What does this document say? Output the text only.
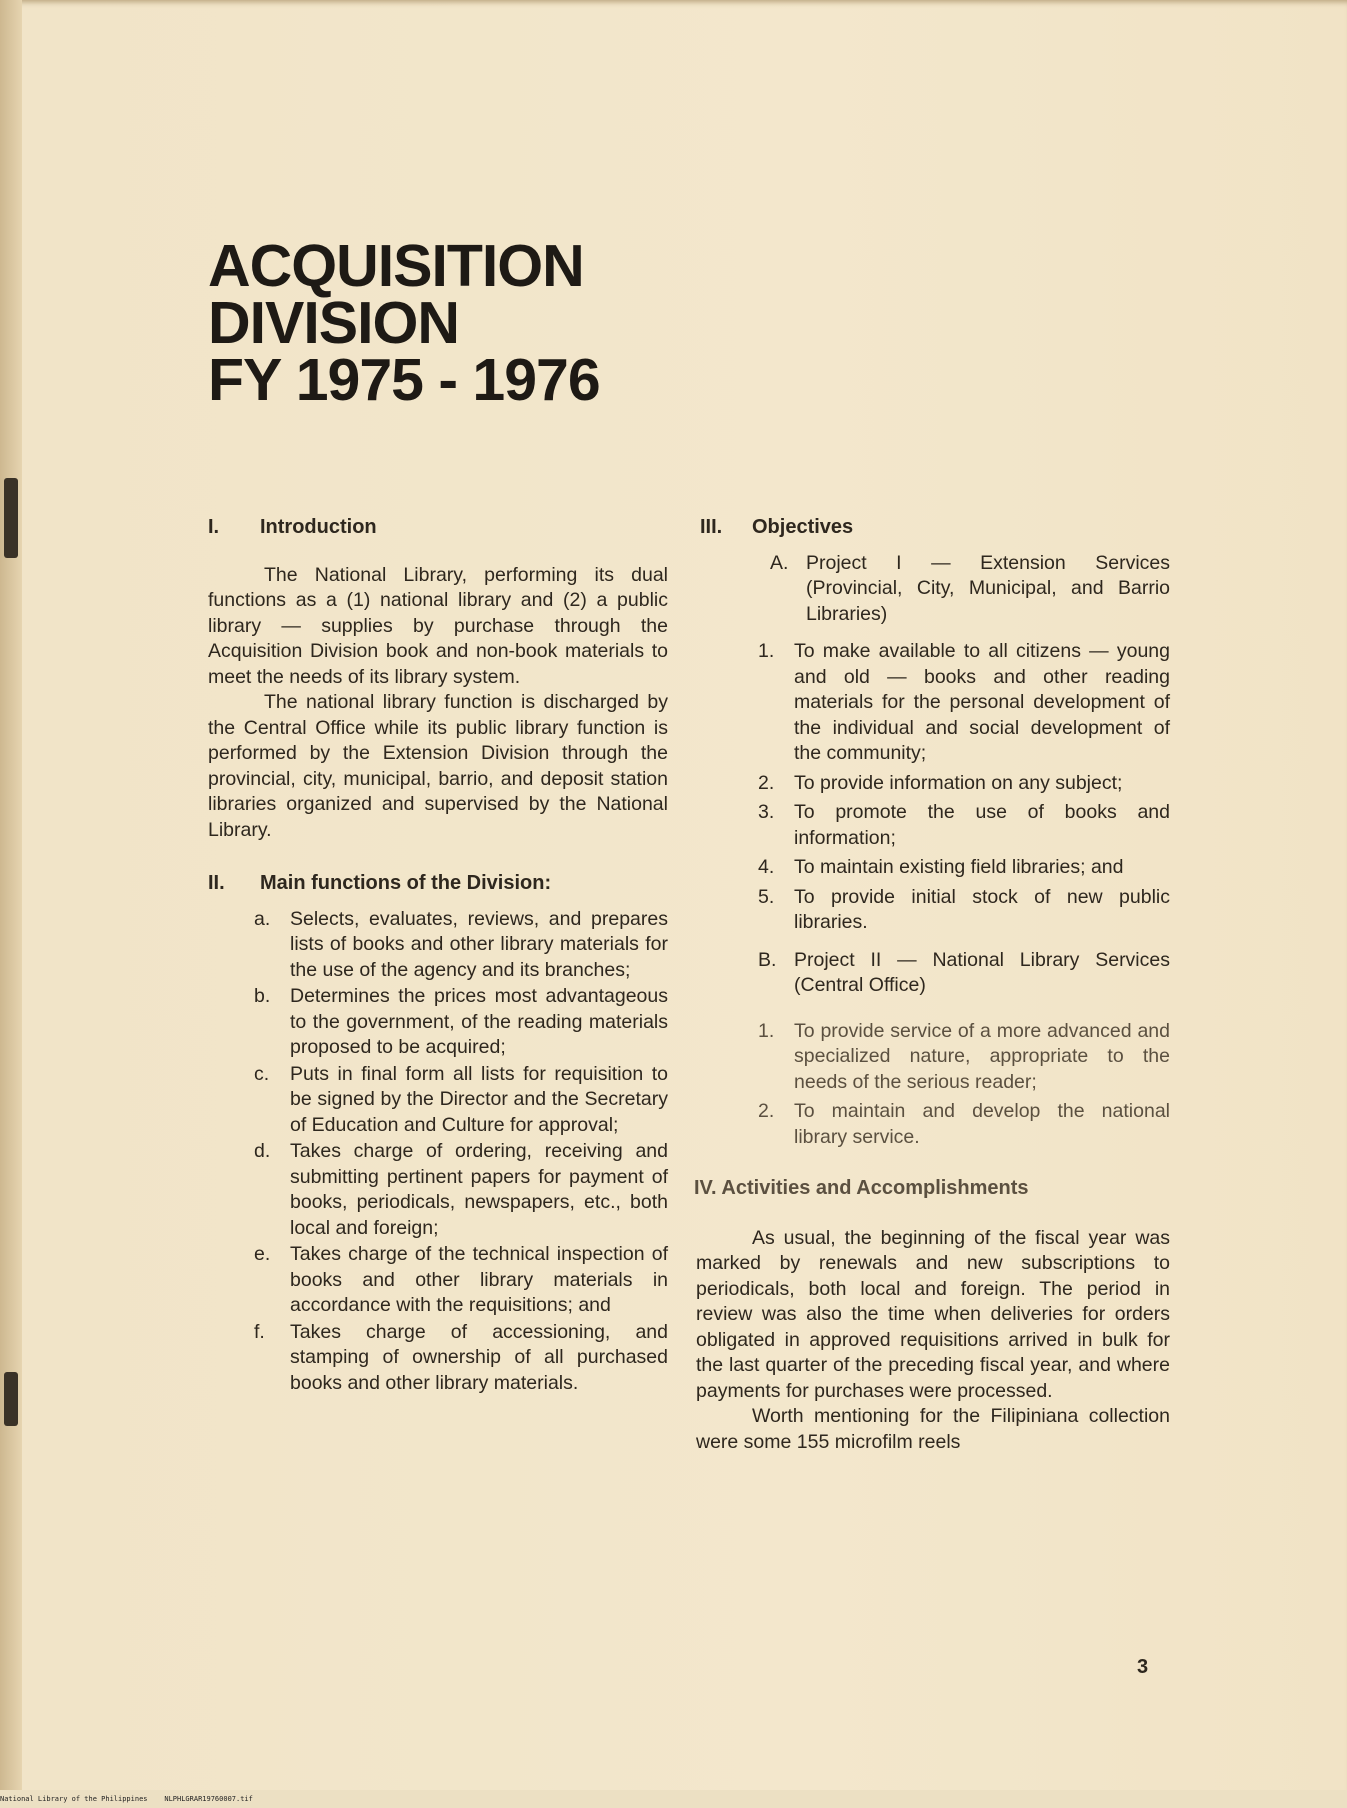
ACQUISITION
DIVISION
FY 1975 - 1976
I.	Introduction

The National Library, performing its dual functions as a (1) national library and (2) a public library — supplies by purchase through the Acquisition Division book and non-book materials to meet the needs of its library system.

The national library function is discharged by the Central Office while its public library function is performed by the Extension Division through the provincial, city, municipal, barrio, and deposit station libraries organized and supervised by the National Library.

II.	Main functions of the Division:
a.	Selects, evaluates, reviews, and prepares lists of books and other library materials for the use of the agency and its branches;
b.	Determines the prices most advantageous to the government, of the reading materials proposed to be acquired;
c.	Puts in final form all lists for requisition to be signed by the Director and the Secretary of Education and Culture for approval;
d.	Takes charge of ordering, receiving and submitting pertinent papers for payment of books, periodicals, newspapers, etc., both local and foreign;
e.	Takes charge of the technical inspection of books and other library materials in accordance with the requisitions; and
f.	Takes charge of accessioning, and stamping of ownership of all purchased books and other library materials.
III.	Objectives
A. Project I — Extension Services (Provincial, City, Municipal, and Barrio Libraries)
1.	To make available to all citizens — young and old — books and other reading materials for the personal development of the individual and social development of the community;
2.	To provide information on any subject;
3.	To promote the use of books and information;
4.	To maintain existing field libraries; and
5.	To provide initial stock of new public libraries.
B. Project II — National Library Services (Central Office)
1.	To provide service of a more advanced and specialized nature, appropriate to the needs of the serious reader;
2.	To maintain and develop the national library service.
IV. Activities and Accomplishments

As usual, the beginning of the fiscal year was marked by renewals and new subscriptions to periodicals, both local and foreign. The period in review was also the time when deliveries for orders obligated in approved requisitions arrived in bulk for the last quarter of the preceding fiscal year, and where payments for purchases were processed.

Worth mentioning for the Filipiniana collection were some 155 microfilm reels

3
National Library of the Philippines    NLPHLGRAR19760007.tif
